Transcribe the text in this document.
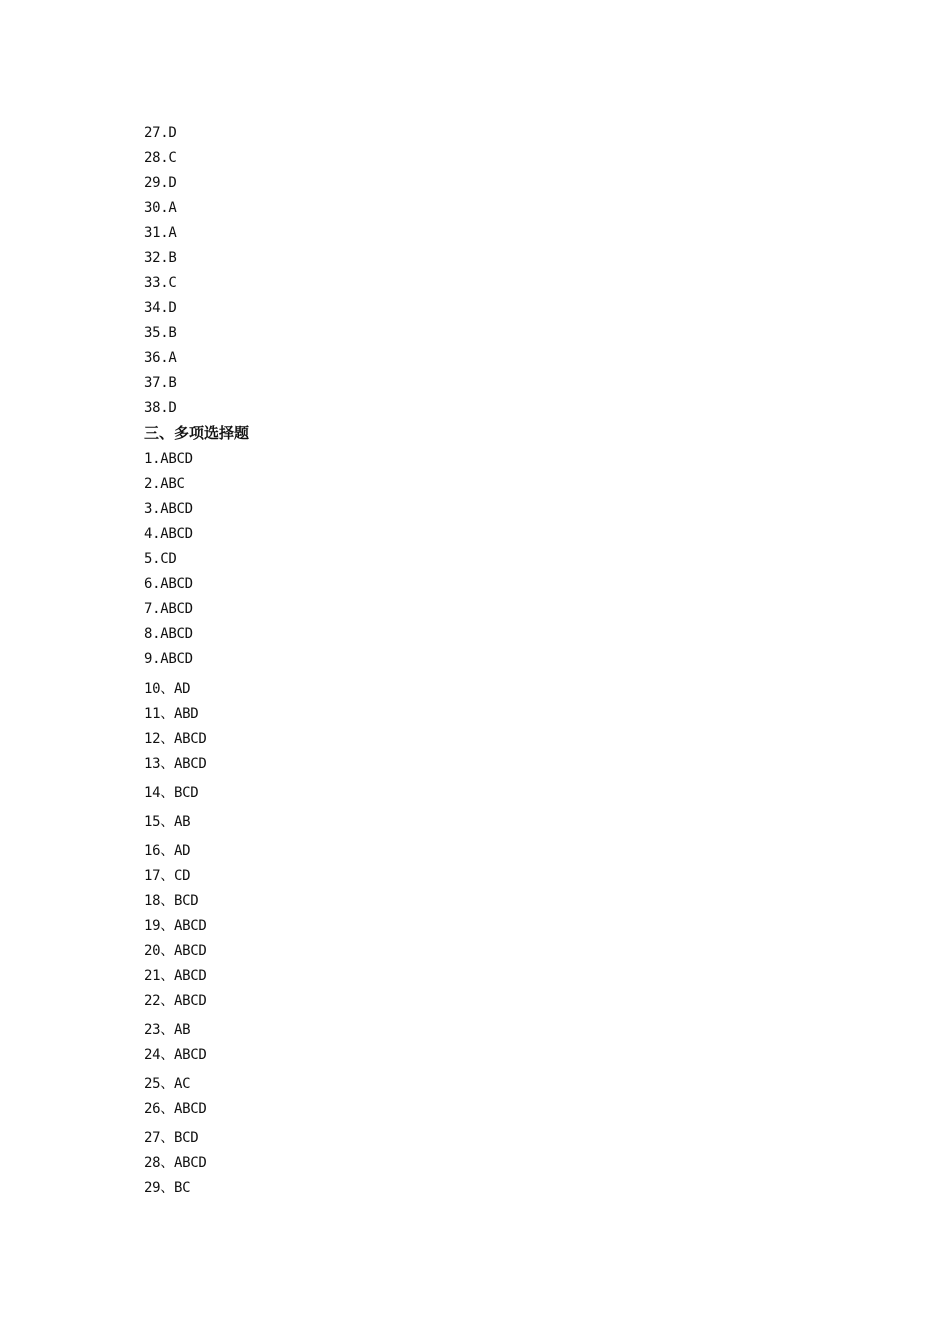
27.D
28.C
29.D
30.A
31.A
32.B
33.C
34.D
35.B
36.A
37.B
38.D
三、多项选择题
1.ABCD
2.ABC
3.ABCD
4.ABCD
5.CD
6.ABCD
7.ABCD
8.ABCD
9.ABCD
10、AD
11、ABD
12、ABCD
13、ABCD
14、BCD
15、AB
16、AD
17、CD
18、BCD
19、ABCD
20、ABCD
21、ABCD
22、ABCD
23、AB
24、ABCD
25、AC
26、ABCD
27、BCD
28、ABCD
29、BC
